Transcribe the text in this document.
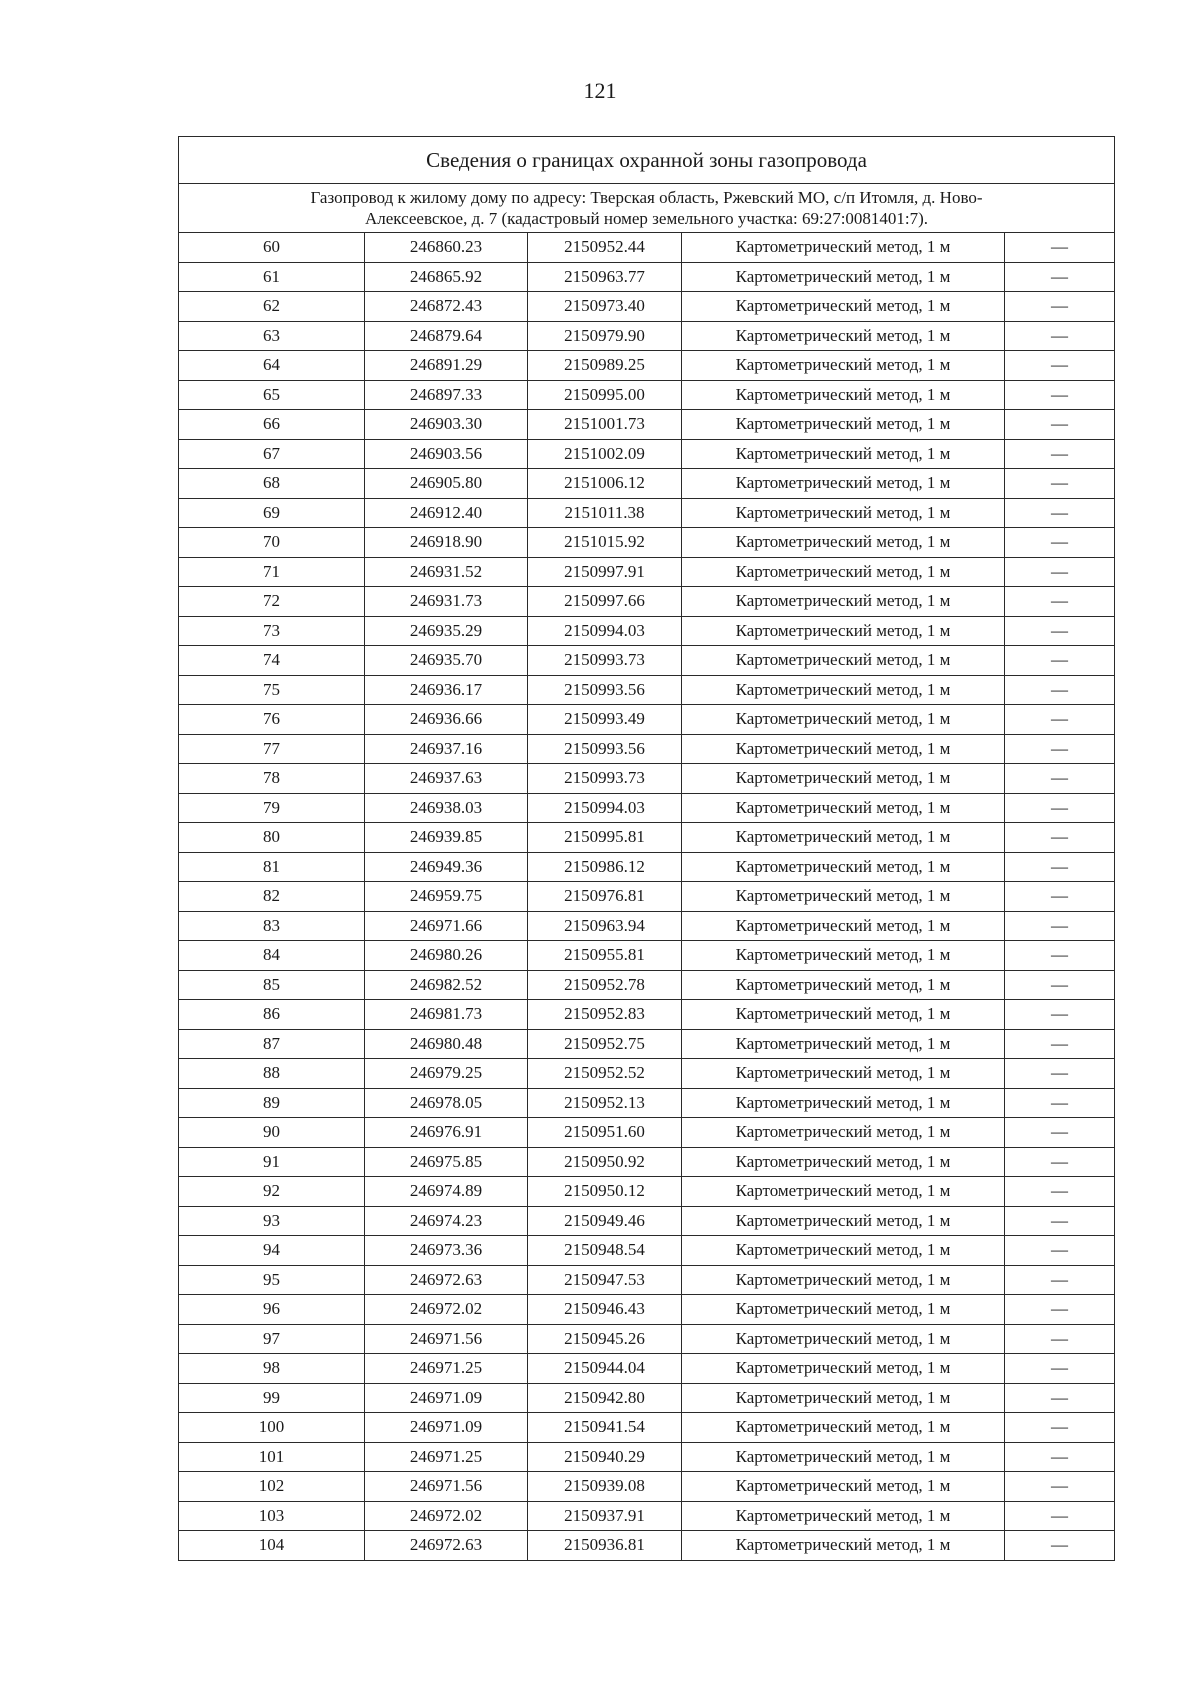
121
Сведения о границах охранной зоны газопровода				
Газопровод к жилому дому по адресу: Тверская область, Ржевский МО, с/п Итомля, д. Ново-
Алексеевское, д. 7 (кадастровый номер земельного участка: 69:27:0081401:7).				
60	246860.23	2150952.44	Картометрический метод, 1 м	—
61	246865.92	2150963.77	Картометрический метод, 1 м	—
62	246872.43	2150973.40	Картометрический метод, 1 м	—
63	246879.64	2150979.90	Картометрический метод, 1 м	—
64	246891.29	2150989.25	Картометрический метод, 1 м	—
65	246897.33	2150995.00	Картометрический метод, 1 м	—
66	246903.30	2151001.73	Картометрический метод, 1 м	—
67	246903.56	2151002.09	Картометрический метод, 1 м	—
68	246905.80	2151006.12	Картометрический метод, 1 м	—
69	246912.40	2151011.38	Картометрический метод, 1 м	—
70	246918.90	2151015.92	Картометрический метод, 1 м	—
71	246931.52	2150997.91	Картометрический метод, 1 м	—
72	246931.73	2150997.66	Картометрический метод, 1 м	—
73	246935.29	2150994.03	Картометрический метод, 1 м	—
74	246935.70	2150993.73	Картометрический метод, 1 м	—
75	246936.17	2150993.56	Картометрический метод, 1 м	—
76	246936.66	2150993.49	Картометрический метод, 1 м	—
77	246937.16	2150993.56	Картометрический метод, 1 м	—
78	246937.63	2150993.73	Картометрический метод, 1 м	—
79	246938.03	2150994.03	Картометрический метод, 1 м	—
80	246939.85	2150995.81	Картометрический метод, 1 м	—
81	246949.36	2150986.12	Картометрический метод, 1 м	—
82	246959.75	2150976.81	Картометрический метод, 1 м	—
83	246971.66	2150963.94	Картометрический метод, 1 м	—
84	246980.26	2150955.81	Картометрический метод, 1 м	—
85	246982.52	2150952.78	Картометрический метод, 1 м	—
86	246981.73	2150952.83	Картометрический метод, 1 м	—
87	246980.48	2150952.75	Картометрический метод, 1 м	—
88	246979.25	2150952.52	Картометрический метод, 1 м	—
89	246978.05	2150952.13	Картометрический метод, 1 м	—
90	246976.91	2150951.60	Картометрический метод, 1 м	—
91	246975.85	2150950.92	Картометрический метод, 1 м	—
92	246974.89	2150950.12	Картометрический метод, 1 м	—
93	246974.23	2150949.46	Картометрический метод, 1 м	—
94	246973.36	2150948.54	Картометрический метод, 1 м	—
95	246972.63	2150947.53	Картометрический метод, 1 м	—
96	246972.02	2150946.43	Картометрический метод, 1 м	—
97	246971.56	2150945.26	Картометрический метод, 1 м	—
98	246971.25	2150944.04	Картометрический метод, 1 м	—
99	246971.09	2150942.80	Картометрический метод, 1 м	—
100	246971.09	2150941.54	Картометрический метод, 1 м	—
101	246971.25	2150940.29	Картометрический метод, 1 м	—
102	246971.56	2150939.08	Картометрический метод, 1 м	—
103	246972.02	2150937.91	Картометрический метод, 1 м	—
104	246972.63	2150936.81	Картометрический метод, 1 м	—
